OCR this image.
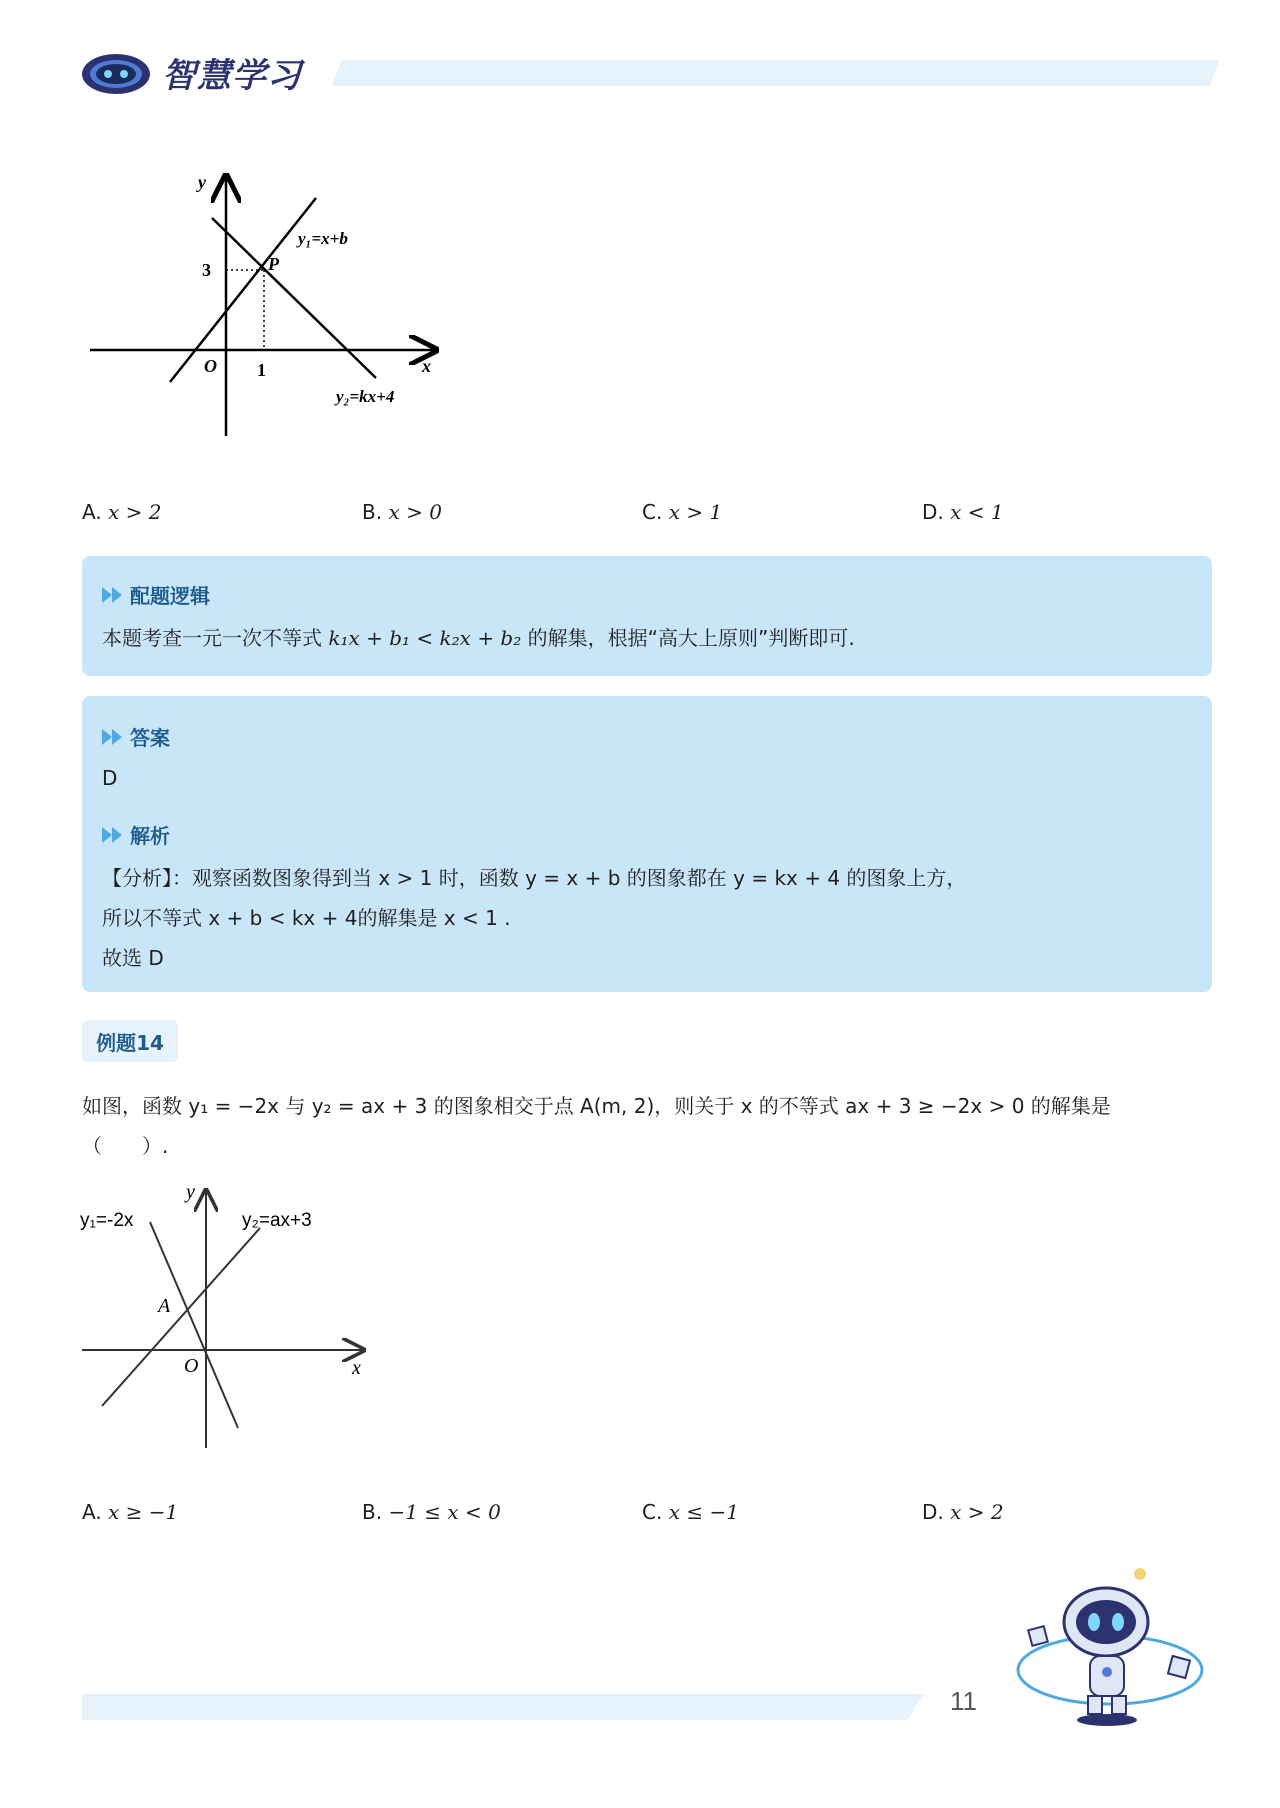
智慧学习
y
x
O
3
1
P
y₁=x+b
y₂=kx+4
A. x > 2	B. x > 0	C. x > 1	D. x < 1
配题逻辑
本题考查一元一次不等式 k₁x + b₁ < k₂x + b₂ 的解集，根据“高大上原则”判断即可.
答案
D
解析
【分析】：观察函数图象得到当 x > 1 时，函数 y = x + b 的图象都在 y = kx + 4 的图象上方，
所以不等式 x + b < kx + 4的解集是 x < 1 .
故选 D
例题14
如图，函数 y₁ = −2x 与 y₂ = ax + 3 的图象相交于点 A(m, 2)，则关于 x 的不等式 ax + 3 ≥ −2x > 0 的解集是
（　　）.
y
x
O
A
y₁=-2x	y₂=ax+3
A. x ≥ −1	B. −1 ≤ x < 0	C. x ≤ −1	D. x > 2
11
